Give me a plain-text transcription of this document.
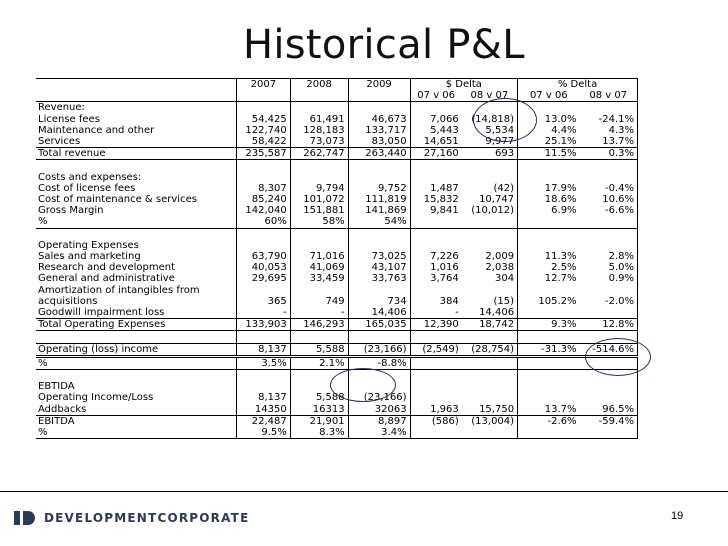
Historical P&L
	2007	2008	2009	$ Delta		% Delta	
				07 v 06	08 v 07	07 v 06	08 v 07
Revenue:							
License fees	54,425	61,491	46,673	7,066	(14,818)	13.0%	-24.1%
Maintenance and other	122,740	128,183	133,717	5,443	5,534	4.4%	4.3%
Services	58,422	73,073	83,050	14,651	9,977	25.1%	13.7%
Total revenue	235,587	262,747	263,440	27,160	693	11.5%	0.3%

Costs and expenses:							
Cost of license fees	8,307	9,794	9,752	1,487	(42)	17.9%	-0.4%
Cost of maintenance & services	85,240	101,072	111,819	15,832	10,747	18.6%	10.6%
Gross Margin	142,040	151,881	141,869	9,841	(10,012)	6.9%	-6.6%
%	60%	58%	54%				

Operating Expenses							
Sales and marketing	63,790	71,016	73,025	7,226	2,009	11.3%	2.8%
Research and development	40,053	41,069	43,107	1,016	2,038	2.5%	5.0%
General and administrative	29,695	33,459	33,763	3,764	304	12.7%	0.9%
Amortization of intangibles from							
acquisitions	365	749	734	384	(15)	105.2%	-2.0%
Goodwill impairment loss	-	-	14,406	-	14,406		
Total Operating Expenses	133,903	146,293	165,035	12,390	18,742	9.3%	12.8%

Operating (loss) income	8,137	5,588	(23,166)	(2,549)	(28,754)	-31.3%	-514.6%
%	3.5%	2.1%	-8.8%				

EBTIDA							
Operating Income/Loss	8,137	5,588	(23,166)				
Addbacks	14350	16313	32063	1,963	15,750	13.7%	96.5%
EBITDA	22,487	21,901	8,897	(586)	(13,004)	-2.6%	-59.4%
%	9.5%	8.3%	3.4%				
DEVELOPMENTCORPORATE	19
